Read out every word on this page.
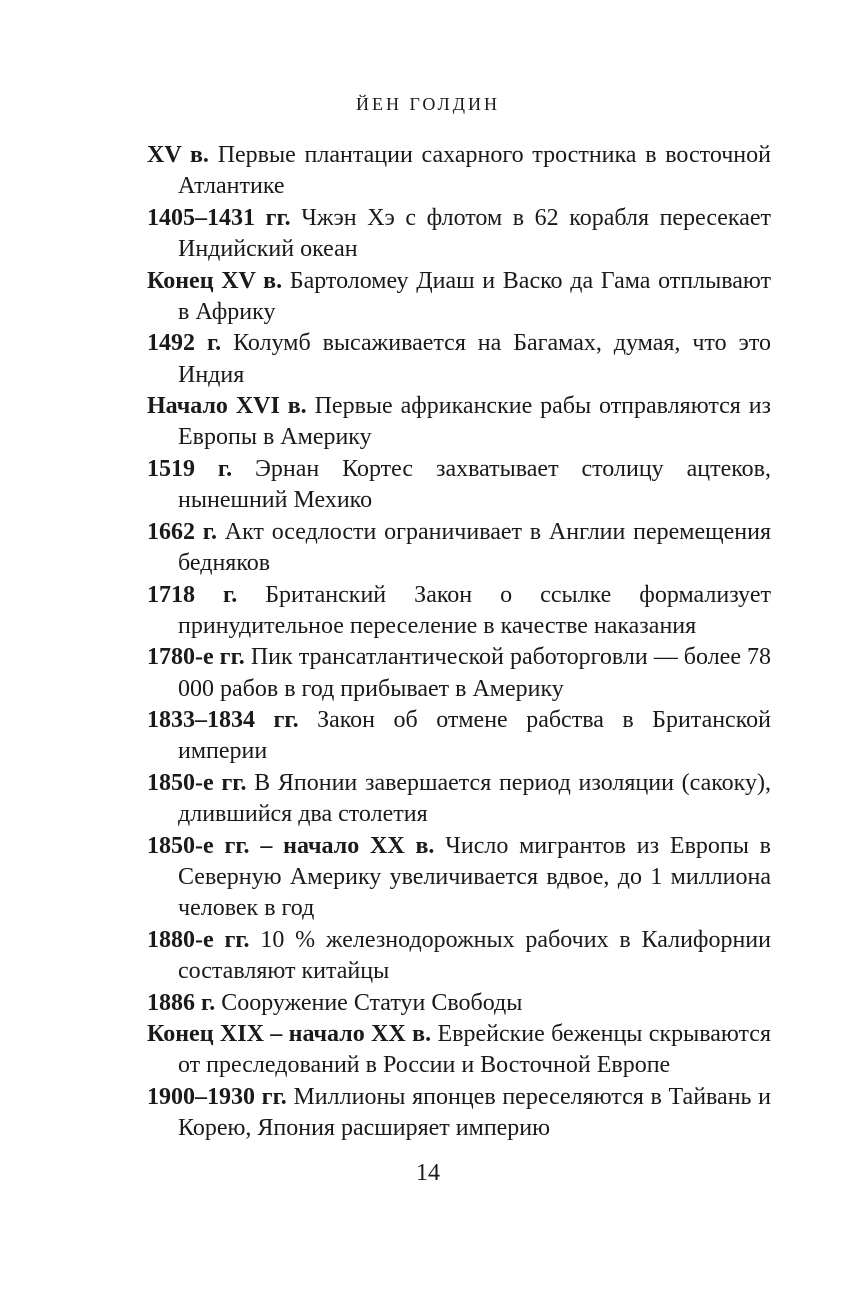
ЙЕН ГОЛДИН
XV в. Первые плантации сахарного тростника в восточной Атлантике
1405–1431 гг. Чжэн Хэ с флотом в 62 корабля пересекает Индийский океан
Конец XV в. Бартоломеу Диаш и Васко да Гама отплывают в Африку
1492 г. Колумб высаживается на Багамах, думая, что это Индия
Начало XVI в. Первые африканские рабы отправляются из Европы в Америку
1519 г. Эрнан Кортес захватывает столицу ацтеков, нынешний Мехико
1662 г. Акт оседлости ограничивает в Англии перемещения бедняков
1718 г. Британский Закон о ссылке формализует принудительное переселение в качестве наказания
1780-е гг. Пик трансатлантической работорговли — более 78 000 рабов в год прибывает в Америку
1833–1834 гг. Закон об отмене рабства в Британской империи
1850-е гг. В Японии завершается период изоляции (сакоку), длившийся два столетия
1850-е гг. – начало XX в. Число мигрантов из Европы в Северную Америку увеличивается вдвое, до 1 миллиона человек в год
1880-е гг. 10 % железнодорожных рабочих в Калифорнии составляют китайцы
1886 г. Сооружение Статуи Свободы
Конец XIX – начало XX в. Еврейские беженцы скрываются от преследований в России и Восточной Европе
1900–1930 гг. Миллионы японцев переселяются в Тайвань и Корею, Япония расширяет империю
14
